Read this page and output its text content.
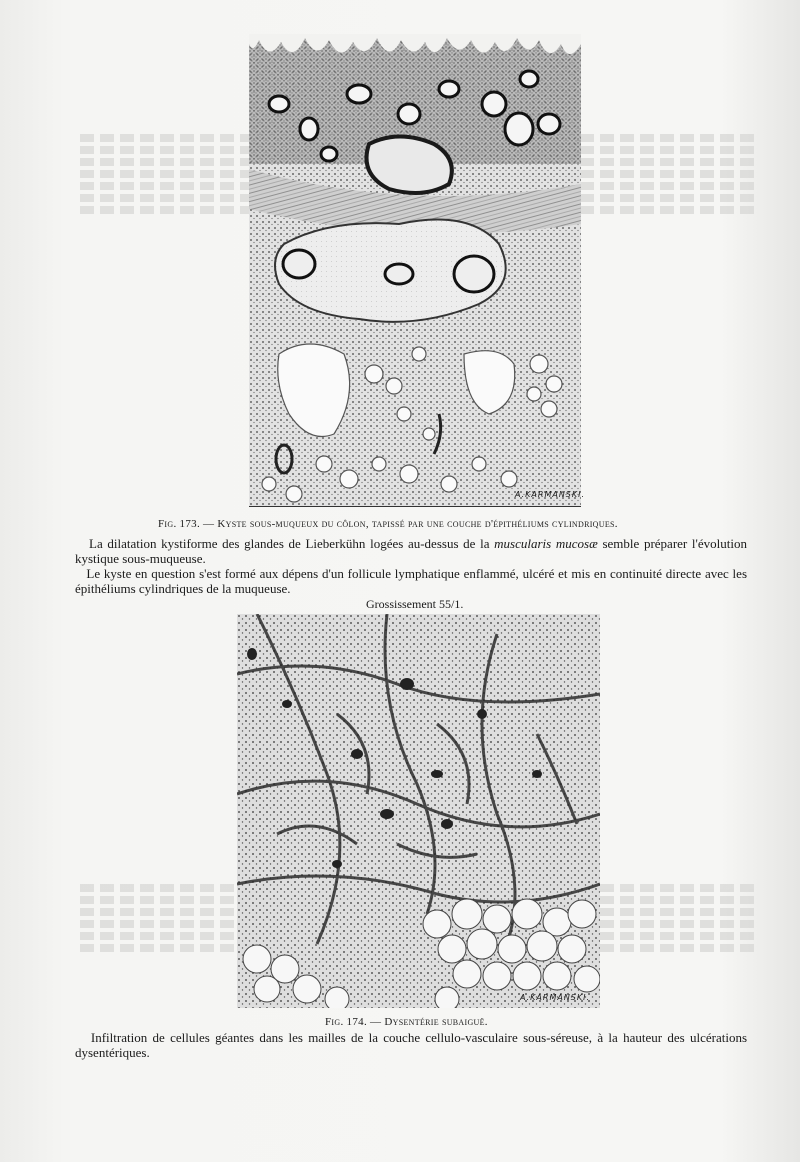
A.KARMANSKI.
Fig. 173. — Kyste sous-muqueux du côlon, tapissé par une couche d'épithéliums cylindriques.
La dilatation kystiforme des glandes de Lieberkühn logées au-dessus de la muscularis mucosæ semble préparer l'évolution kystique sous-muqueuse.
Le kyste en question s'est formé aux dépens d'un follicule lymphatique enflammé, ulcéré et mis en continuité directe avec les épithéliums cylindriques de la muqueuse.
Grossissement 55/1.
A.KARMANSKI.
Fig. 174. — Dysentérie subaiguë.
Infiltration de cellules géantes dans les mailles de la couche cellulo-vasculaire sous-séreuse, à la hauteur des ulcérations dysentériques.
